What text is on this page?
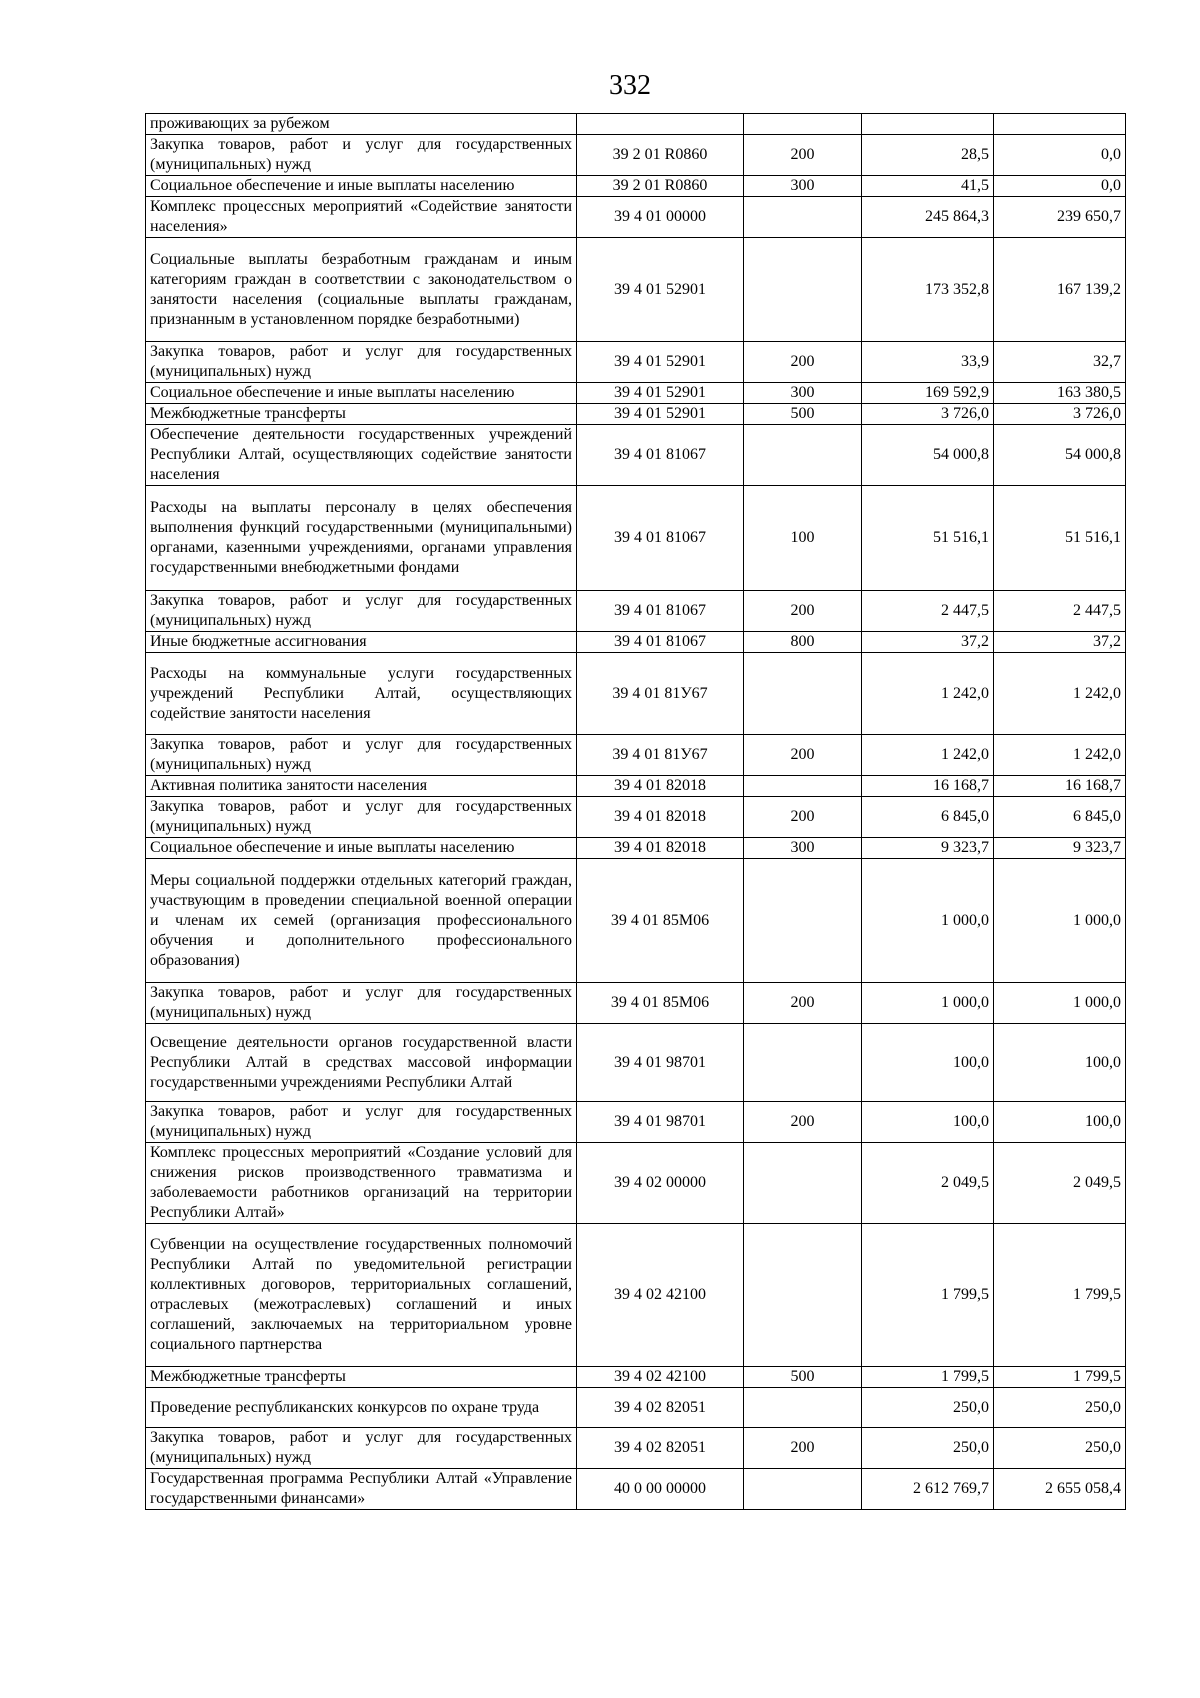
332
проживающих за рубежом				
Закупка товаров, работ и услуг для государственных (муниципальных) нужд	39 2 01 R0860	200	28,5	0,0
Социальное обеспечение и иные выплаты населению	39 2 01 R0860	300	41,5	0,0
Комплекс процессных мероприятий «Содействие занятости населения»	39 4 01 00000		245 864,3	239 650,7
Социальные выплаты безработным гражданам и иным категориям граждан в соответствии с законодательством о занятости населения (социальные выплаты гражданам, признанным в установленном порядке безработными)	39 4 01 52901		173 352,8	167 139,2
Закупка товаров, работ и услуг для государственных (муниципальных) нужд	39 4 01 52901	200	33,9	32,7
Социальное обеспечение и иные выплаты населению	39 4 01 52901	300	169 592,9	163 380,5
Межбюджетные трансферты	39 4 01 52901	500	3 726,0	3 726,0
Обеспечение деятельности государственных учреждений Республики Алтай, осуществляющих содействие занятости населения	39 4 01 81067		54 000,8	54 000,8
Расходы на выплаты персоналу в целях обеспечения выполнения функций государственными (муниципальными) органами, казенными учреждениями, органами управления государственными внебюджетными фондами	39 4 01 81067	100	51 516,1	51 516,1
Закупка товаров, работ и услуг для государственных (муниципальных) нужд	39 4 01 81067	200	2 447,5	2 447,5
Иные бюджетные ассигнования	39 4 01 81067	800	37,2	37,2
Расходы на коммунальные услуги государственных учреждений Республики Алтай, осуществляющих содействие занятости населения	39 4 01 81У67		1 242,0	1 242,0
Закупка товаров, работ и услуг для государственных (муниципальных) нужд	39 4 01 81У67	200	1 242,0	1 242,0
Активная политика занятости населения	39 4 01 82018		16 168,7	16 168,7
Закупка товаров, работ и услуг для государственных (муниципальных) нужд	39 4 01 82018	200	6 845,0	6 845,0
Социальное обеспечение и иные выплаты населению	39 4 01 82018	300	9 323,7	9 323,7
Меры социальной поддержки отдельных категорий граждан, участвующим в проведении специальной военной операции и членам их семей (организация профессионального обучения и дополнительного профессионального образования)	39 4 01 85М06		1 000,0	1 000,0
Закупка товаров, работ и услуг для государственных (муниципальных) нужд	39 4 01 85М06	200	1 000,0	1 000,0
Освещение деятельности органов государственной власти Республики Алтай в средствах массовой информации государственными учреждениями Республики Алтай	39 4 01 98701		100,0	100,0
Закупка товаров, работ и услуг для государственных (муниципальных) нужд	39 4 01 98701	200	100,0	100,0
Комплекс процессных мероприятий «Создание условий для снижения рисков производственного травматизма и заболеваемости работников организаций на территории Республики Алтай»	39 4 02 00000		2 049,5	2 049,5
Субвенции на осуществление государственных полномочий Республики Алтай по уведомительной регистрации коллективных договоров, территориальных соглашений, отраслевых (межотраслевых) соглашений и иных соглашений, заключаемых на территориальном уровне социального партнерства	39 4 02 42100		1 799,5	1 799,5
Межбюджетные трансферты	39 4 02 42100	500	1 799,5	1 799,5
Проведение республиканских конкурсов по охране труда	39 4 02 82051		250,0	250,0
Закупка товаров, работ и услуг для государственных (муниципальных) нужд	39 4 02 82051	200	250,0	250,0
Государственная программа Республики Алтай «Управление государственными финансами»	40 0 00 00000		2 612 769,7	2 655 058,4
